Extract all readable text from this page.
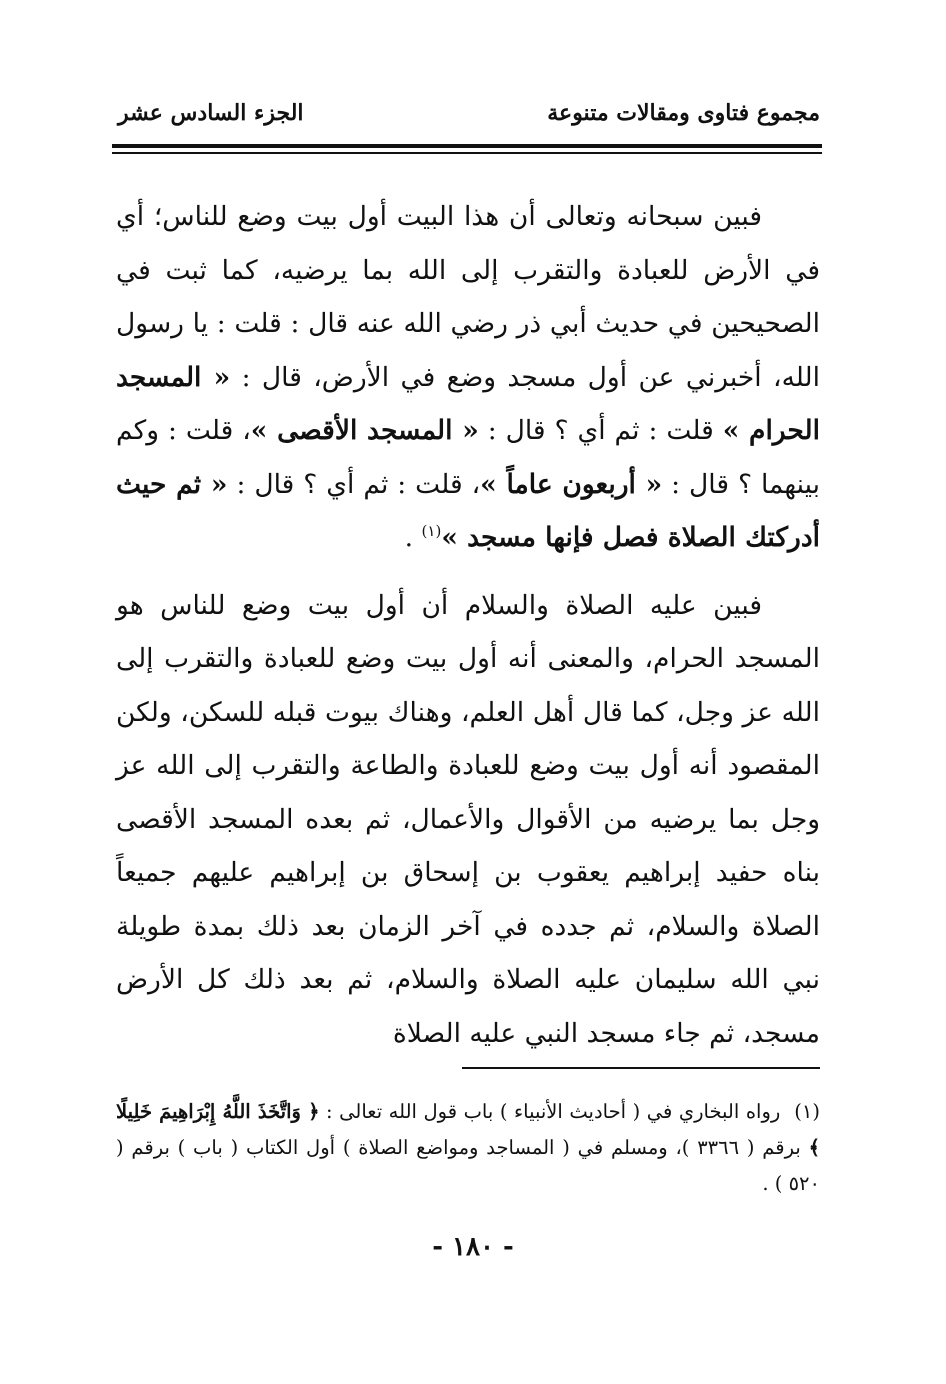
مجموع فتاوى ومقالات متنوعة
الجزء السادس عشر

فبين سبحانه وتعالى أن هذا البيت أول بيت وضع للناس؛ أي في الأرض للعبادة والتقرب إلى الله بما يرضيه، كما ثبت في الصحيحين في حديث أبي ذر رضي الله عنه قال : قلت : يا رسول الله، أخبرني عن أول مسجد وضع في الأرض، قال : « المسجد الحرام » قلت : ثم أي ؟ قال : « المسجد الأقصى »، قلت : وكم بينهما ؟ قال : « أربعون عاماً »، قلت : ثم أي ؟ قال : « ثم حيث أدركتك الصلاة فصل فإنها مسجد »$^{(١)}$ .

فبين عليه الصلاة والسلام أن أول بيت وضع للناس هو المسجد الحرام، والمعنى أنه أول بيت وضع للعبادة والتقرب إلى الله عز وجل، كما قال أهل العلم، وهناك بيوت قبله للسكن، ولكن المقصود أنه أول بيت وضع للعبادة والطاعة والتقرب إلى الله عز وجل بما يرضيه من الأقوال والأعمال، ثم بعده المسجد الأقصى بناه حفيد إبراهيم يعقوب بن إسحاق بن إبراهيم عليهم جميعاً الصلاة والسلام، ثم جدده في آخر الزمان بعد ذلك بمدة طويلة نبي الله سليمان عليه الصلاة والسلام، ثم بعد ذلك كل الأرض مسجد، ثم جاء مسجد النبي عليه الصلاة

(١)رواه البخاري في ( أحاديث الأنبياء ) باب قول الله تعالى : ﴿ وَاتَّخَذَ اللَّهُ إِبْرَاهِيمَ خَلِيلًا ﴾ برقم ( ٣٣٦٦ )، ومسلم في ( المساجد ومواضع الصلاة ) أول الكتاب ( باب ) برقم ( ٥٢٠ ) .

- ١٨٠ -
